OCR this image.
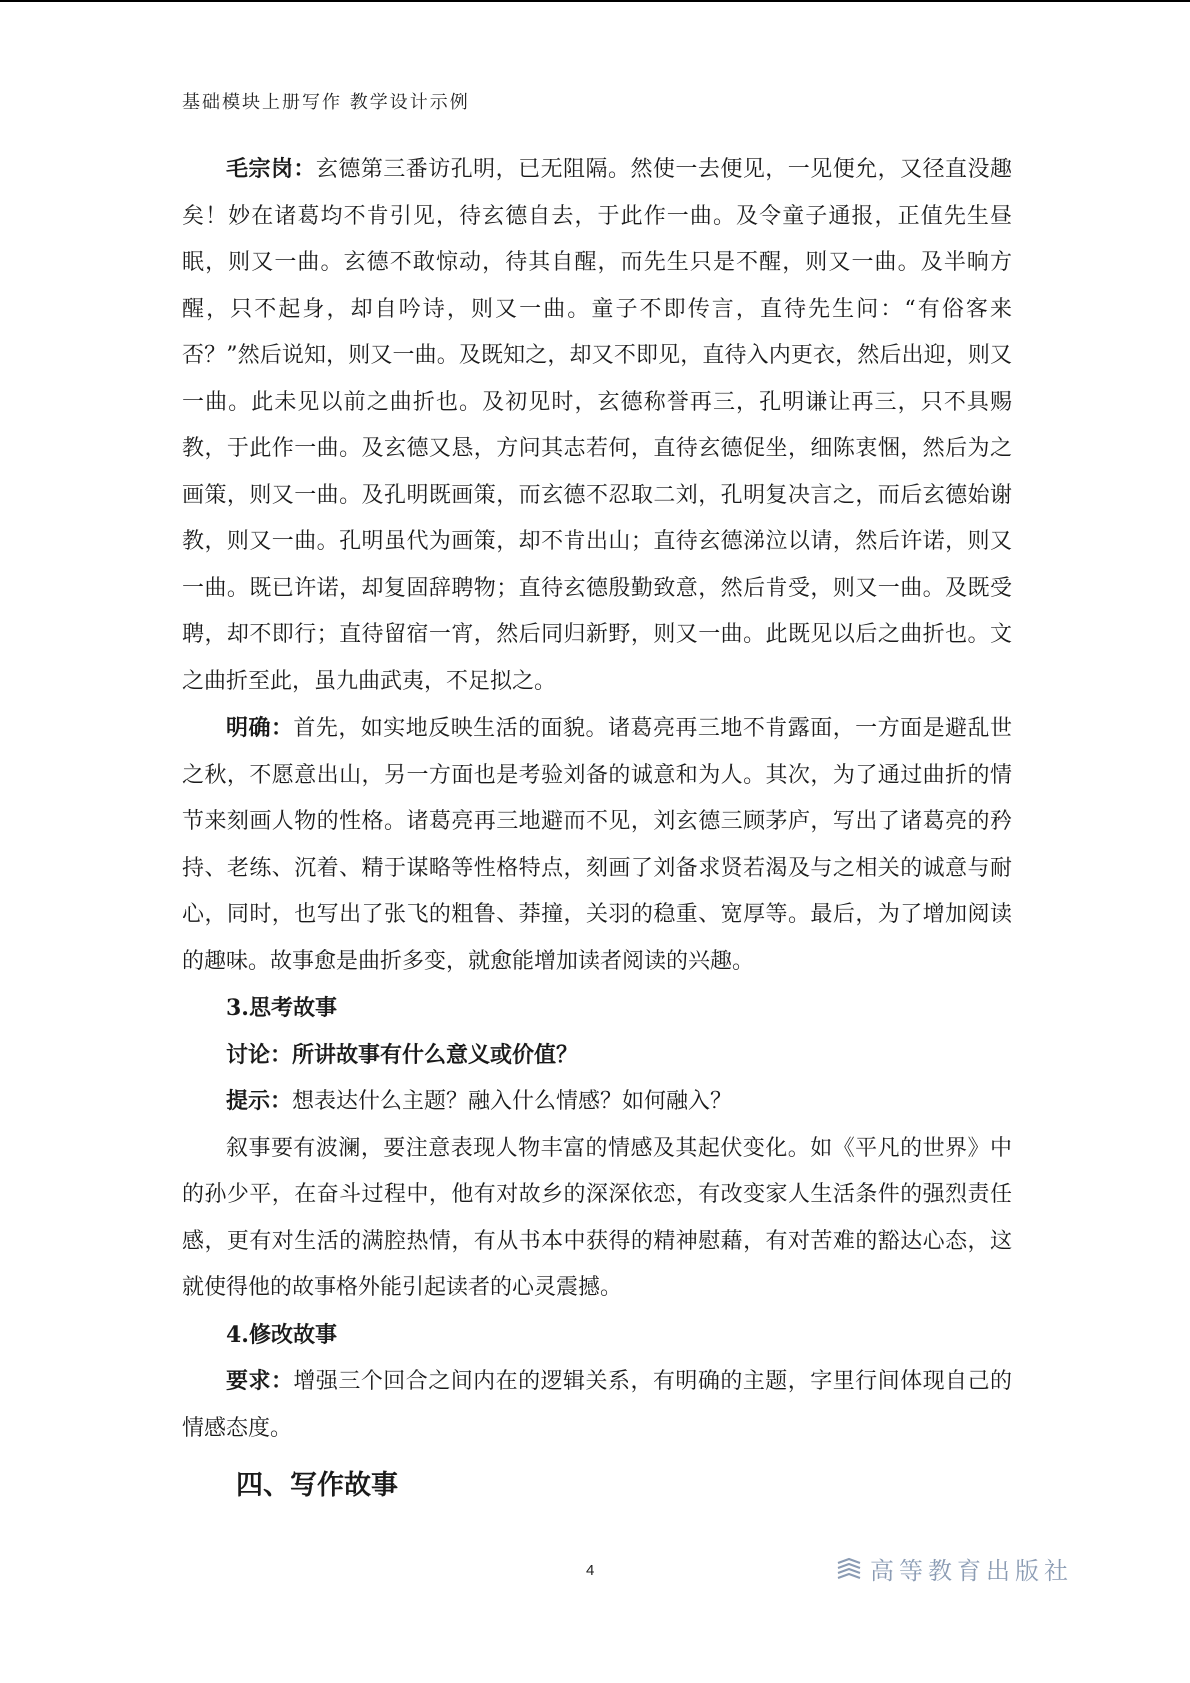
基础模块上册写作 教学设计示例

毛宗岗：玄德第三番访孔明，已无阻隔。然使一去便见，一见便允，又径直没趣矣！妙在诸葛均不肯引见，待玄德自去，于此作一曲。及令童子通报，正值先生昼眠，则又一曲。玄德不敢惊动，待其自醒，而先生只是不醒，则又一曲。及半晌方醒，只不起身，却自吟诗，则又一曲。童子不即传言，直待先生问：“有俗客来否？”然后说知，则又一曲。及既知之，却又不即见，直待入内更衣，然后出迎，则又一曲。此未见以前之曲折也。及初见时，玄德称誉再三，孔明谦让再三，只不具赐教，于此作一曲。及玄德又恳，方问其志若何，直待玄德促坐，细陈衷悃，然后为之画策，则又一曲。及孔明既画策，而玄德不忍取二刘，孔明复决言之，而后玄德始谢教，则又一曲。孔明虽代为画策，却不肯出山；直待玄德涕泣以请，然后许诺，则又一曲。既已许诺，却复固辞聘物；直待玄德殷勤致意，然后肯受，则又一曲。及既受聘，却不即行；直待留宿一宵，然后同归新野，则又一曲。此既见以后之曲折也。文之曲折至此，虽九曲武夷，不足拟之。

明确：首先，如实地反映生活的面貌。诸葛亮再三地不肯露面，一方面是避乱世之秋，不愿意出山，另一方面也是考验刘备的诚意和为人。其次，为了通过曲折的情节来刻画人物的性格。诸葛亮再三地避而不见，刘玄德三顾茅庐，写出了诸葛亮的矜持、老练、沉着、精于谋略等性格特点，刻画了刘备求贤若渴及与之相关的诚意与耐心，同时，也写出了张飞的粗鲁、莽撞，关羽的稳重、宽厚等。最后，为了增加阅读的趣味。故事愈是曲折多变，就愈能增加读者阅读的兴趣。

3.思考故事

讨论：所讲故事有什么意义或价值？

提示：想表达什么主题？融入什么情感？如何融入？

叙事要有波澜，要注意表现人物丰富的情感及其起伏变化。如《平凡的世界》中的孙少平，在奋斗过程中，他有对故乡的深深依恋，有改变家人生活条件的强烈责任感，更有对生活的满腔热情，有从书本中获得的精神慰藉，有对苦难的豁达心态，这就使得他的故事格外能引起读者的心灵震撼。

4.修改故事

要求：增强三个回合之间内在的逻辑关系，有明确的主题，字里行间体现自己的情感态度。

四、写作故事
4	高等教育出版社
